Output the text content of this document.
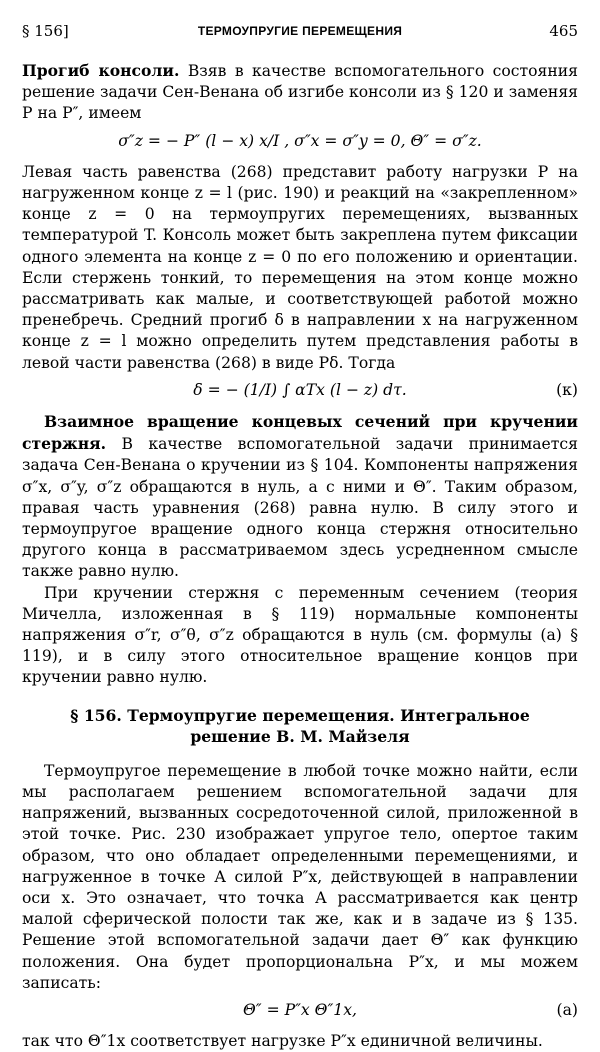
§ 156]	ТЕРМОУПРУГИЕ ПЕРЕМЕЩЕНИЯ	465

Прогиб консоли. Взяв в качестве вспомогательного состояния решение задачи Сен-Венана об изгибе консоли из § 120 и заменяя P на P″, имеем

σ″z = − P″ (l − x) x/I , σ″x = σ″y = 0, Θ″ = σ″z.

Левая часть равенства (268) представит работу нагрузки P на нагруженном конце z = l (рис. 190) и реакций на «закрепленном» конце z = 0 на термоупругих перемещениях, вызванных температурой T. Консоль может быть закреплена путем фиксации одного элемента на конце z = 0 по его положению и ориентации. Если стержень тонкий, то перемещения на этом конце можно рассматривать как малые, и соответствующей работой можно пренебречь. Средний прогиб δ в направлении x на нагруженном конце z = l можно определить путем представления работы в левой части равенства (268) в виде Pδ. Тогда

δ = − (1/I) ∫ αTx (l − z) dτ.	(к)

Взаимное вращение концевых сечений при кручении стержня. В качестве вспомогательной задачи принимается задача Сен-Венана о кручении из § 104. Компоненты напряжения σ″x, σ″y, σ″z обращаются в нуль, а с ними и Θ″. Таким образом, правая часть уравнения (268) равна нулю. В силу этого и термоупругое вращение одного конца стержня относительно другого конца в рассматриваемом здесь усредненном смысле также равно нулю.

При кручении стержня с переменным сечением (теория Мичелла, изложенная в § 119) нормальные компоненты напряжения σ″r, σ″θ, σ″z обращаются в нуль (см. формулы (а) § 119), и в силу этого относительное вращение концов при кручении равно нулю.

§ 156. Термоупругие перемещения. Интегральное
решение В. М. Майзеля

Термоупругое перемещение в любой точке можно найти, если мы располагаем решением вспомогательной задачи для напряжений, вызванных сосредоточенной силой, приложенной в этой точке. Рис. 230 изображает упругое тело, опертое таким образом, что оно обладает определенными перемещениями, и нагруженное в точке A силой P″x, действующей в направлении оси x. Это означает, что точка A рассматривается как центр малой сферической полости так же, как и в задаче из § 135. Решение этой вспомогательной задачи дает Θ″ как функцию положения. Она будет пропорциональна P″x, и мы можем записать:

Θ″ = P″x Θ″1x,	(a)

так что Θ″1x соответствует нагрузке P″x единичной величины.
